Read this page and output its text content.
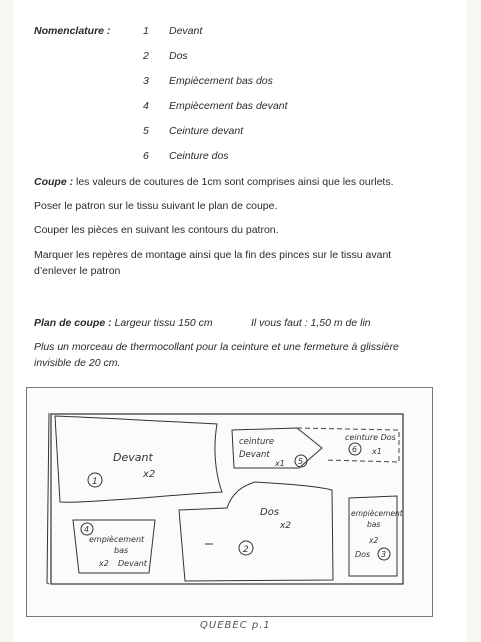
Nomenclature :	1	Devant
2	Dos
3	Empiècement bas dos
4	Empiècement bas devant
5	Ceinture devant
6	Ceinture dos
Coupe : les valeurs de coutures de 1cm sont comprises ainsi que les ourlets.
Poser le patron sur le tissu suivant le plan de coupe.
Couper les pièces en suivant les contours du patron.
Marquer les repères de montage ainsi que la fin des pinces sur le tissu avant
d’enlever le patron
Plan de coupe : Largeur tissu 150 cm	Il vous faut : 1,50 m de lin
Plus un morceau de thermocollant pour la ceinture et une fermeture à glissière
invisible de 20 cm.
Devant
x2
1
ceinture
Devant
x1 5
ceinture Dos
x1
6
Dos
x2
2
empiècement
bas
x2 Devant
4
empiècement
bas
x2
Dos 3
QUEBEC p.1
